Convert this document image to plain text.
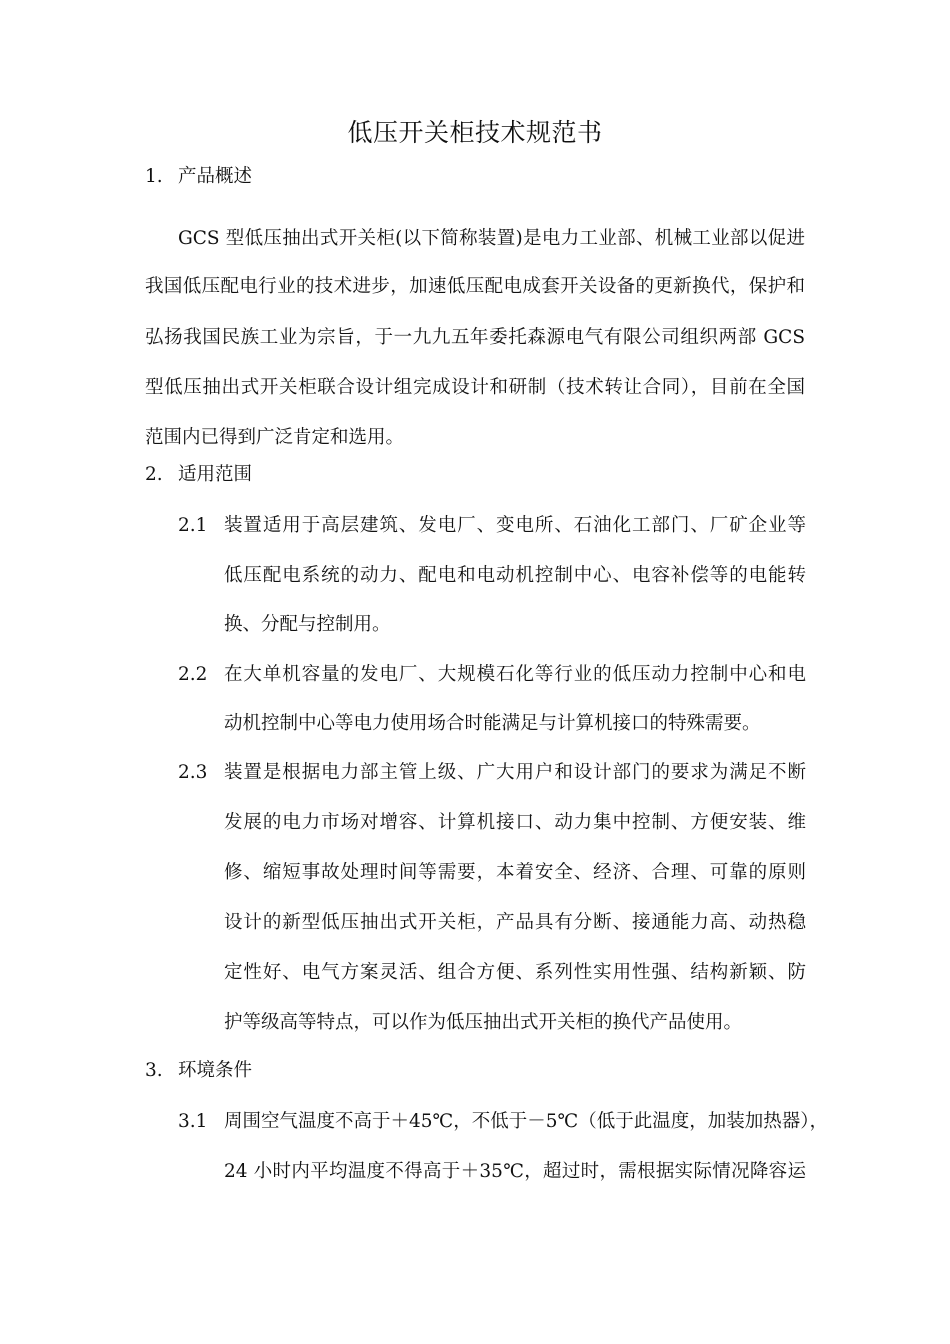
低压开关柜技术规范书
1. 产品概述
GCS 型低压抽出式开关柜(以下简称装置)是电力工业部、机械工业部以促进
我国低压配电行业的技术进步，加速低压配电成套开关设备的更新换代，保护和
弘扬我国民族工业为宗旨，于一九九五年委托森源电气有限公司组织两部 GCS
型低压抽出式开关柜联合设计组完成设计和研制（技术转让合同），目前在全国
范围内已得到广泛肯定和选用。
2. 适用范围
2.1 装置适用于高层建筑、发电厂、变电所、石油化工部门、厂矿企业等
低压配电系统的动力、配电和电动机控制中心、电容补偿等的电能转
换、分配与控制用。
2.2 在大单机容量的发电厂、大规模石化等行业的低压动力控制中心和电
动机控制中心等电力使用场合时能满足与计算机接口的特殊需要。
2.3 装置是根据电力部主管上级、广大用户和设计部门的要求为满足不断
发展的电力市场对增容、计算机接口、动力集中控制、方便安装、维
修、缩短事故处理时间等需要，本着安全、经济、合理、可靠的原则
设计的新型低压抽出式开关柜，产品具有分断、接通能力高、动热稳
定性好、电气方案灵活、组合方便、系列性实用性强、结构新颖、防
护等级高等特点，可以作为低压抽出式开关柜的换代产品使用。
3. 环境条件
3.1 周围空气温度不高于＋45℃，不低于－5℃（低于此温度，加装加热器），
24 小时内平均温度不得高于＋35℃，超过时，需根据实际情况降容运
